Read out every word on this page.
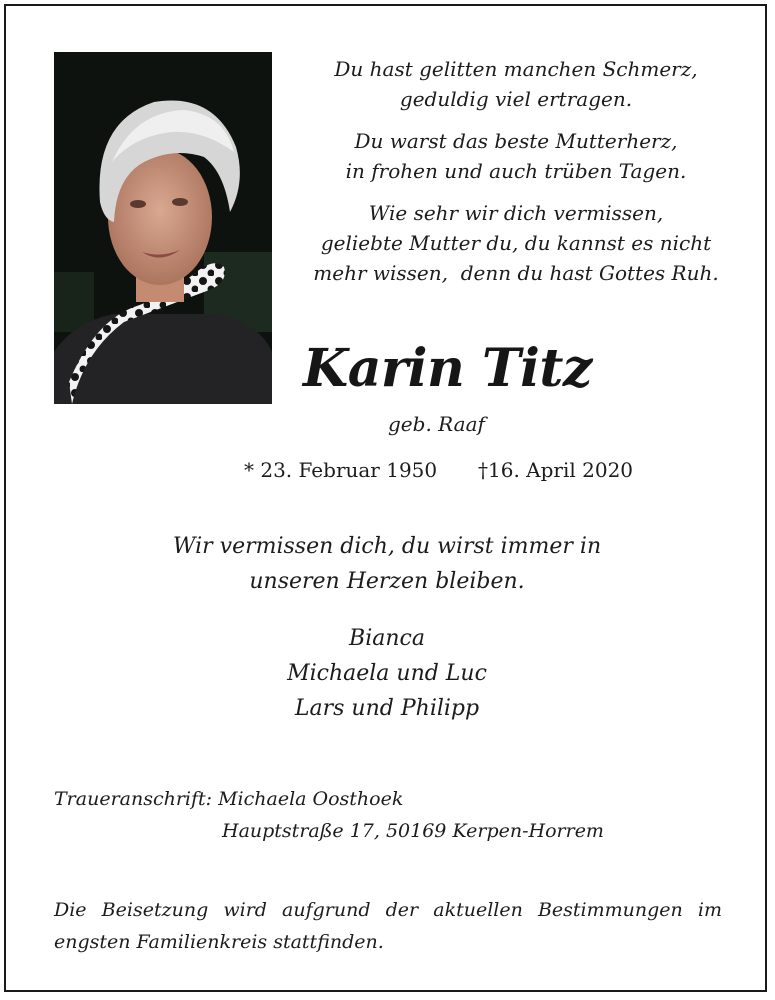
Du hast gelitten manchen Schmerz,
geduldig viel ertragen.
Du warst das beste Mutterherz,
in frohen und auch trüben Tagen.
Wie sehr wir dich vermissen,
geliebte Mutter du, du kannst es nicht
mehr wissen,  denn du hast Gottes Ruh.
Karin Titz
geb. Raaf
* 23. Februar 1950 †16. April 2020
Wir vermissen dich, du wirst immer in
unseren Herzen bleiben.
Bianca
Michaela und Luc
Lars und Philipp
Traueranschrift: Michaela Oosthoek
Hauptstraße 17, 50169 Kerpen-Horrem
Die Beisetzung wird aufgrund der aktuellen Bestimmungen im engsten Familienkreis stattfinden.
